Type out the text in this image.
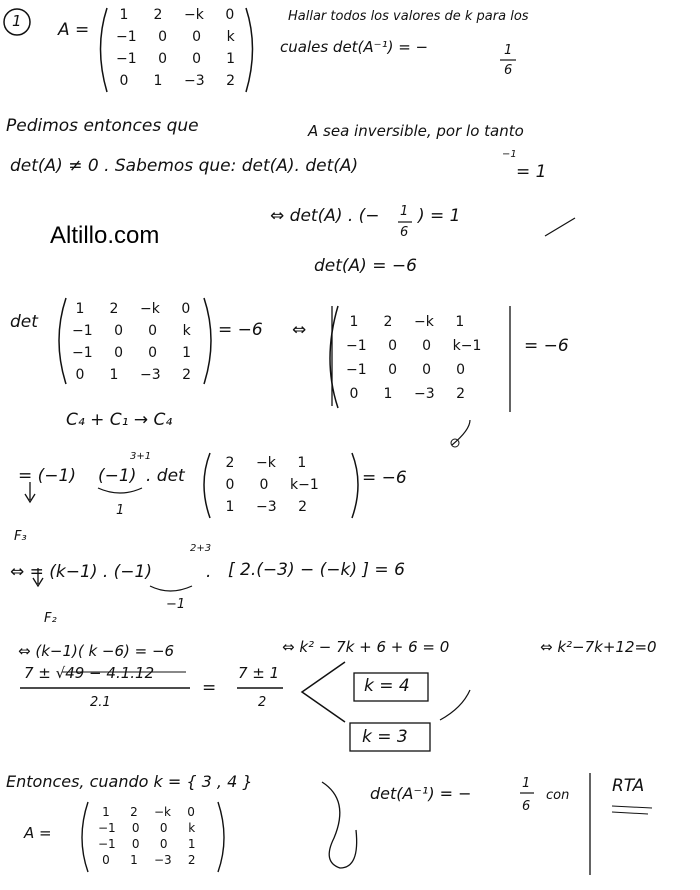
1 A =
1 2 −k 0
−1 0 0 k
−1 0 0 1
0 1 −3 2
Hallar todos los valores de k para los
cuales det(A⁻¹) = −	1
6
Pedimos entonces que	A sea inversible, por lo tanto
det(A) ≠ 0 . Sabemos que: det(A). det(A)
−1
= 1
Altillo.com
⇔ det(A) . (− 1
6
) = 1
det(A) = −6
det
1 2 −k 0
−1 0 0 k
−1 0 0 1
0 1 −3 2
= −6 ⇔	1 2 −k 1
−1 0 0 k−1
−1 0 0 0
0 1 −3 2
= −6
C₄ + C₁ → C₄
= (−1) (−1)
3+1
. det
1
2 −k 1
0 0 k−1
1 −3 2
= −6
F₃
⇔ = (k−1) . (−1)
2+3
. [ 2.(−3) − (−k) ] = 6
−1
F₂
⇔ (k−1)( k −6) = −6	⇔ k² − 7k + 6 + 6 = 0	⇔ k²−7k+12=0
7 ± √49 − 4.1.12
2.1
=
7 ± 1
2
k = 4
k = 3
Entonces, cuando k = { 3 , 4 }
det(A⁻¹) = −
1
6
con	RTA
A =
1	2	−k	0
−1	0	0	k
−1	0	0	1
0	1	−3	2
